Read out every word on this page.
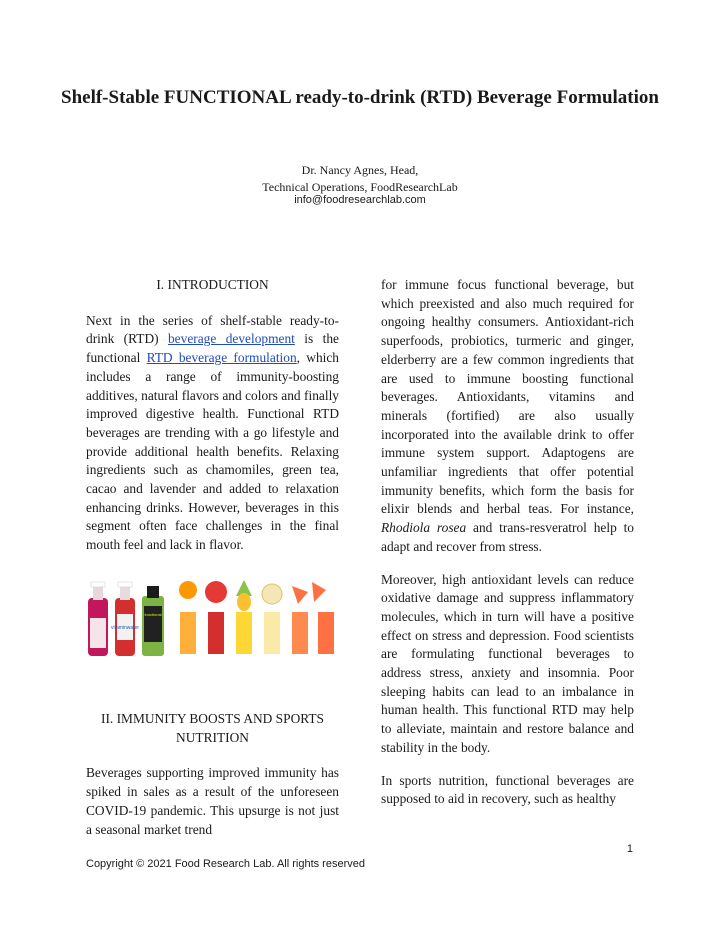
Shelf-Stable FUNCTIONAL ready-to-drink (RTD) Beverage Formulation
Dr. Nancy Agnes, Head,
Technical Operations, FoodResearchLab
info@foodresearchlab.com

I. INTRODUCTION

Next in the series of shelf-stable ready-to-drink (RTD) beverage development is the functional RTD beverage formulation, which includes a range of immunity-boosting additives, natural flavors and colors and finally improved digestive health. Functional RTD beverages are trending with a go lifestyle and provide additional health benefits. Relaxing ingredients such as chamomiles, green tea, cacao and lavender and added to relaxation enhancing drinks. However, beverages in this segment often face challenges in the final mouth feel and lack in flavor.

vitaminwater
functional

II. IMMUNITY BOOSTS AND SPORTS NUTRITION

Beverages supporting improved immunity has spiked in sales as a result of the unforeseen COVID-19 pandemic. This upsurge is not just a seasonal market trend

for immune focus functional beverage, but which preexisted and also much required for ongoing healthy consumers. Antioxidant-rich superfoods, probiotics, turmeric and ginger, elderberry are a few common ingredients that are used to immune boosting functional beverages. Antioxidants, vitamins and minerals (fortified) are also usually incorporated into the available drink to offer immune system support. Adaptogens are unfamiliar ingredients that offer potential immunity benefits, which form the basis for elixir blends and herbal teas. For instance, Rhodiola rosea and trans-resveratrol help to adapt and recover from stress.

Moreover, high antioxidant levels can reduce oxidative damage and suppress inflammatory molecules, which in turn will have a positive effect on stress and depression. Food scientists are formulating functional beverages to address stress, anxiety and insomnia. Poor sleeping habits can lead to an imbalance in human health. This functional RTD may help to alleviate, maintain and restore balance and stability in the body.

In sports nutrition, functional beverages are supposed to aid in recovery, such as healthy

1
Copyright © 2021 Food Research Lab. All rights reserved
